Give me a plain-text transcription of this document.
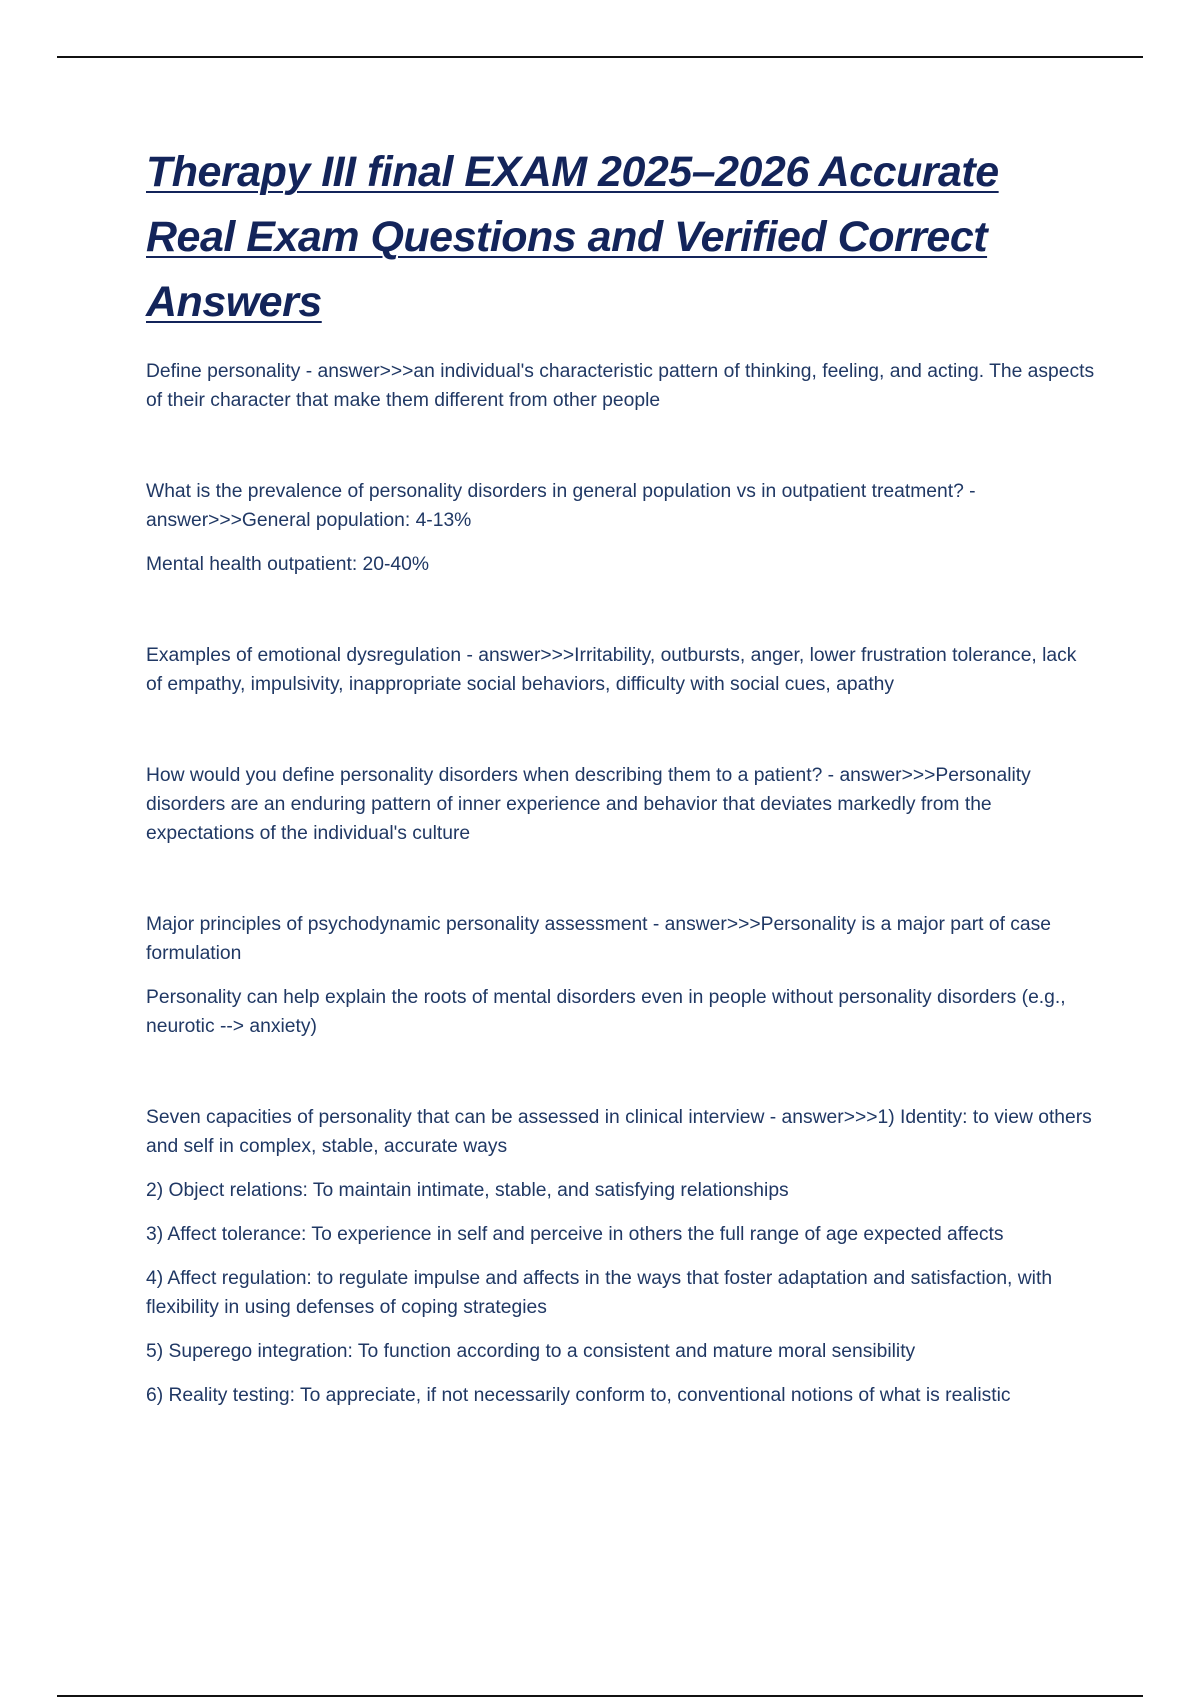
Therapy III final EXAM 2025–2026 Accurate Real Exam Questions and Verified Correct Answers

Define personality - answer>>>an individual's characteristic pattern of thinking, feeling, and acting. The aspects of their character that make them different from other people

What is the prevalence of personality disorders in general population vs in outpatient treatment? - answer>>>General population: 4-13%

Mental health outpatient: 20-40%

Examples of emotional dysregulation - answer>>>Irritability, outbursts, anger, lower frustration tolerance, lack of empathy, impulsivity, inappropriate social behaviors, difficulty with social cues, apathy

How would you define personality disorders when describing them to a patient? - answer>>>Personality disorders are an enduring pattern of inner experience and behavior that deviates markedly from the expectations of the individual's culture

Major principles of psychodynamic personality assessment - answer>>>Personality is a major part of case formulation

Personality can help explain the roots of mental disorders even in people without personality disorders (e.g., neurotic --> anxiety)

Seven capacities of personality that can be assessed in clinical interview - answer>>>1) Identity: to view others and self in complex, stable, accurate ways

2) Object relations: To maintain intimate, stable, and satisfying relationships

3) Affect tolerance: To experience in self and perceive in others the full range of age expected affects

4) Affect regulation: to regulate impulse and affects in the ways that foster adaptation and satisfaction, with flexibility in using defenses of coping strategies

5) Superego integration: To function according to a consistent and mature moral sensibility

6) Reality testing: To appreciate, if not necessarily conform to, conventional notions of what is realistic
